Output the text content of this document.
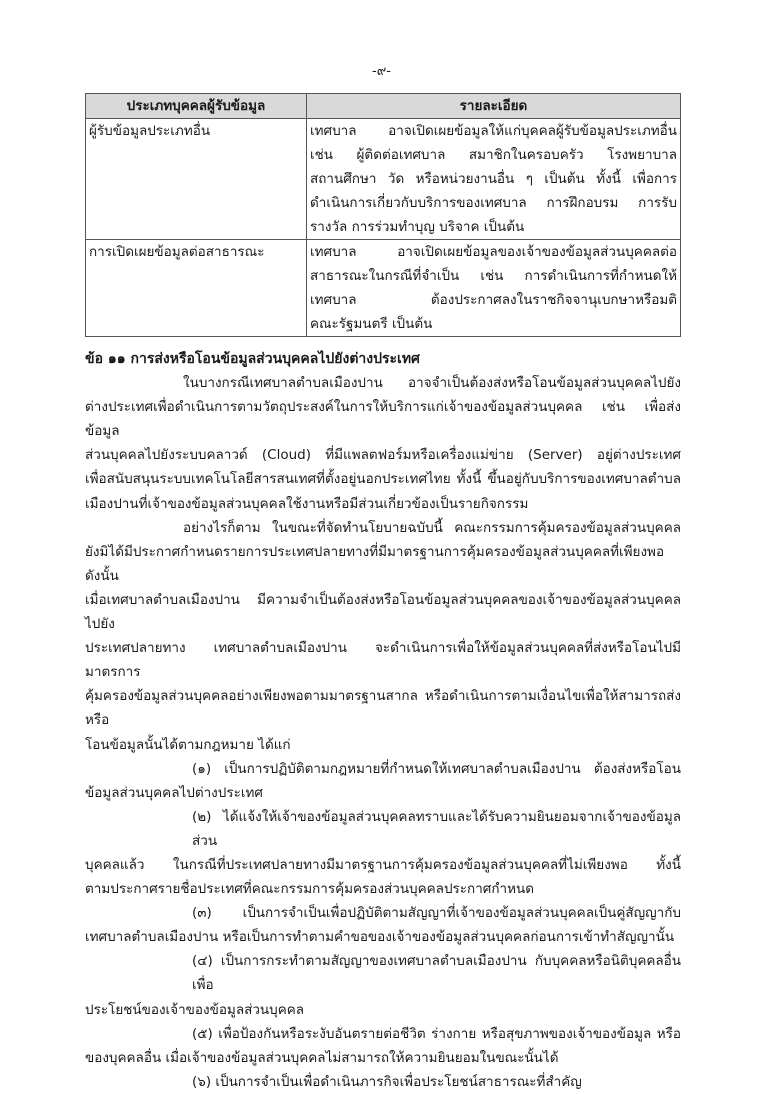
-๙-
ประเภทบุคคลผู้รับข้อมูล	รายละเอียด
ผู้รับข้อมูลประเภทอื่น	เทศบาล อาจเปิดเผยข้อมูลให้แก่บุคคลผู้รับข้อมูลประเภทอื่น
เช่น ผู้ติดต่อเทศบาล สมาชิกในครอบครัว โรงพยาบาล
สถานศึกษา วัด หรือหน่วยงานอื่น ๆ เป็นต้น ทั้งนี้ เพื่อการ
ดำเนินการเกี่ยวกับบริการของเทศบาล การฝึกอบรม การรับ
รางวัล การร่วมทำบุญ บริจาค เป็นต้น

การเปิดเผยข้อมูลต่อสาธารณะ	เทศบาล อาจเปิดเผยข้อมูลของเจ้าของข้อมูลส่วนบุคคลต่อ
สาธารณะในกรณีที่จำเป็น เช่น การดำเนินการที่กำหนดให้
เทศบาล ต้องประกาศลงในราชกิจจานุเบกษาหรือมติ
คณะรัฐมนตรี เป็นต้น
ข้อ ๑๑ การส่งหรือโอนข้อมูลส่วนบุคคลไปยังต่างประเทศ
ในบางกรณีเทศบาลตำบลเมืองปาน อาจจำเป็นต้องส่งหรือโอนข้อมูลส่วนบุคคลไปยัง
ต่างประเทศเพื่อดำเนินการตามวัตถุประสงค์ในการให้บริการแก่เจ้าของข้อมูลส่วนบุคคล เช่น เพื่อส่งข้อมูล
ส่วนบุคคลไปยังระบบคลาวด์ (Cloud) ที่มีแพลตฟอร์มหรือเครื่องแม่ข่าย (Server) อยู่ต่างประเทศ
เพื่อสนับสนุนระบบเทคโนโลยีสารสนเทศที่ตั้งอยู่นอกประเทศไทย ทั้งนี้ ขึ้นอยู่กับบริการของเทศบาลตำบล
เมืองปานที่เจ้าของข้อมูลส่วนบุคคลใช้งานหรือมีส่วนเกี่ยวข้องเป็นรายกิจกรรม
อย่างไรก็ตาม ในขณะที่จัดทำนโยบายฉบับนี้ คณะกรรมการคุ้มครองข้อมูลส่วนบุคคล
ยังมิได้มีประกาศกำหนดรายการประเทศปลายทางที่มีมาตรฐานการคุ้มครองข้อมูลส่วนบุคคลที่เพียงพอ ดังนั้น
เมื่อเทศบาลตำบลเมืองปาน มีความจำเป็นต้องส่งหรือโอนข้อมูลส่วนบุคคลของเจ้าของข้อมูลส่วนบุคคลไปยัง
ประเทศปลายทาง เทศบาลตำบลเมืองปาน จะดำเนินการเพื่อให้ข้อมูลส่วนบุคคลที่ส่งหรือโอนไปมีมาตรการ
คุ้มครองข้อมูลส่วนบุคคลอย่างเพียงพอตามมาตรฐานสากล หรือดำเนินการตามเงื่อนไขเพื่อให้สามารถส่งหรือ
โอนข้อมูลนั้นได้ตามกฎหมาย ได้แก่
(๑) เป็นการปฏิบัติตามกฎหมายที่กำหนดให้เทศบาลตำบลเมืองปาน ต้องส่งหรือโอน
ข้อมูลส่วนบุคคลไปต่างประเทศ
(๒) ได้แจ้งให้เจ้าของข้อมูลส่วนบุคคลทราบและได้รับความยินยอมจากเจ้าของข้อมูลส่วน
บุคคลแล้ว ในกรณีที่ประเทศปลายทางมีมาตรฐานการคุ้มครองข้อมูลส่วนบุคคลที่ไม่เพียงพอ ทั้งนี้
ตามประกาศรายชื่อประเทศที่คณะกรรมการคุ้มครองส่วนบุคคลประกาศกำหนด
(๓) เป็นการจำเป็นเพื่อปฏิบัติตามสัญญาที่เจ้าของข้อมูลส่วนบุคคลเป็นคู่สัญญากับ
เทศบาลตำบลเมืองปาน หรือเป็นการทำตามคำขอของเจ้าของข้อมูลส่วนบุคคลก่อนการเข้าทำสัญญานั้น
(๔) เป็นการกระทำตามสัญญาของเทศบาลตำบลเมืองปาน กับบุคคลหรือนิติบุคคลอื่นเพื่อ
ประโยชน์ของเจ้าของข้อมูลส่วนบุคคล
(๕) เพื่อป้องกันหรือระงับอันตรายต่อชีวิต ร่างกาย หรือสุขภาพของเจ้าของข้อมูล หรือ
ของบุคคลอื่น เมื่อเจ้าของข้อมูลส่วนบุคคลไม่สามารถให้ความยินยอมในขณะนั้นได้
(๖) เป็นการจำเป็นเพื่อดำเนินภารกิจเพื่อประโยชน์สาธารณะที่สำคัญ
